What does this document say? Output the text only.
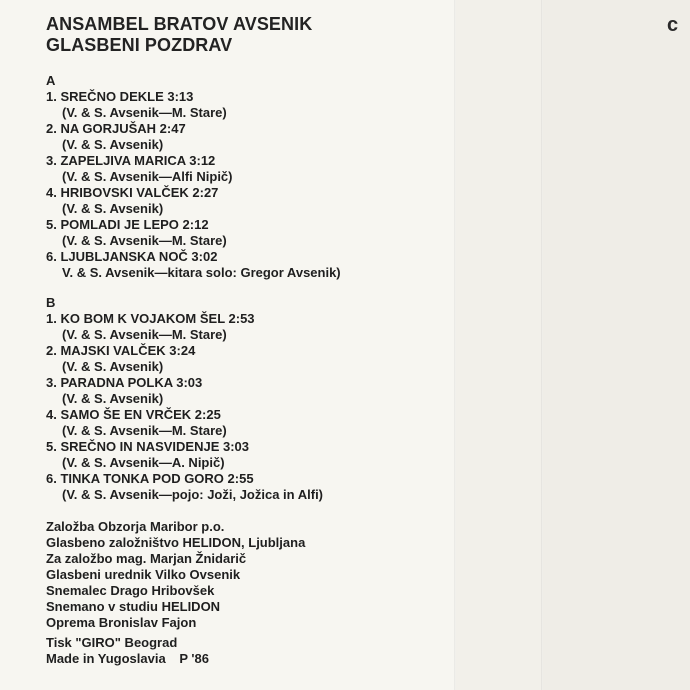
ɔ
ANSAMBEL BRATOV AVSENIK
GLASBENI POZDRAV
A
1. SREČNO DEKLE 3:13
(V. & S. Avsenik—M. Stare)
2. NA GORJUŠAH 2:47
(V. & S. Avsenik)
3. ZAPELJIVA MARICA 3:12
(V. & S. Avsenik—Alfi Nipič)
4. HRIBOVSKI VALČEK 2:27
(V. & S. Avsenik)
5. POMLADI JE LEPO 2:12
(V. & S. Avsenik—M. Stare)
6. LJUBLJANSKA NOČ 3:02
V. & S. Avsenik—kitara solo: Gregor Avsenik)
B
1. KO BOM K VOJAKOM ŠEL 2:53
(V. & S. Avsenik—M. Stare)
2. MAJSKI VALČEK 3:24
(V. & S. Avsenik)
3. PARADNA POLKA 3:03
(V. & S. Avsenik)
4. SAMO ŠE EN VRČEK 2:25
(V. & S. Avsenik—M. Stare)
5. SREČNO IN NASVIDENJE 3:03
(V. & S. Avsenik—A. Nipič)
6. TINKA TONKA POD GORO 2:55
(V. & S. Avsenik—pojo: Joži, Jožica in Alfi)
Založba Obzorja Maribor p.o.
Glasbeno založništvo HELIDON, Ljubljana
Za založbo mag. Marjan Žnidarič
Glasbeni urednik Vilko Ovsenik
Snemalec Drago Hribovšek
Snemano v studiu HELIDON
Oprema Bronislav Fajon
Tisk "GIRO" Beograd
Made in Yugoslavia P '86
